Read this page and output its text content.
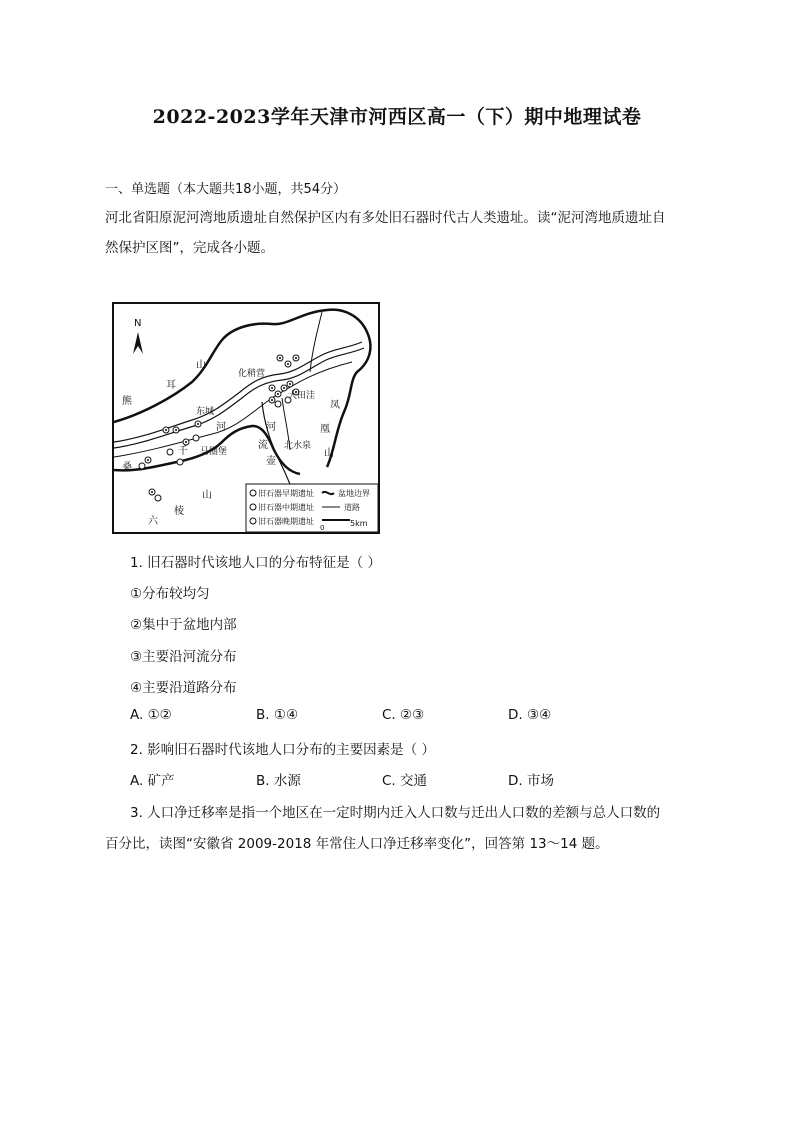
2022-2023学年天津市河西区高一（下）期中地理试卷
一、单选题（本大题共18小题，共54分）
河北省阳原泥河湾地质遗址自然保护区内有多处旧石器时代古人类遗址。读“泥河湾地质遗址自
然保护区图”，完成各小题。
N
山
耳
熊
化稍营
大田洼
东城
河
千 马圈堡
桑
河
流
壶
北水泉
凤
凰
山
山
棱
六
旧石器早期遗址
旧石器中期遗址
旧石器晚期遗址
盆地边界
道路
0	5km
1. 旧石器时代该地人口的分布特征是（ ）
①分布较均匀
②集中于盆地内部
③主要沿河流分布
④主要沿道路分布
A. ①②	B. ①④	C. ②③	D. ③④
2. 影响旧石器时代该地人口分布的主要因素是（ ）
A. 矿产	B. 水源	C. 交通	D. 市场
3. 人口净迁移率是指一个地区在一定时期内迁入人口数与迁出人口数的差额与总人口数的
百分比，读图“安徽省 2009-2018 年常住人口净迁移率变化”，回答第 13～14 题。
